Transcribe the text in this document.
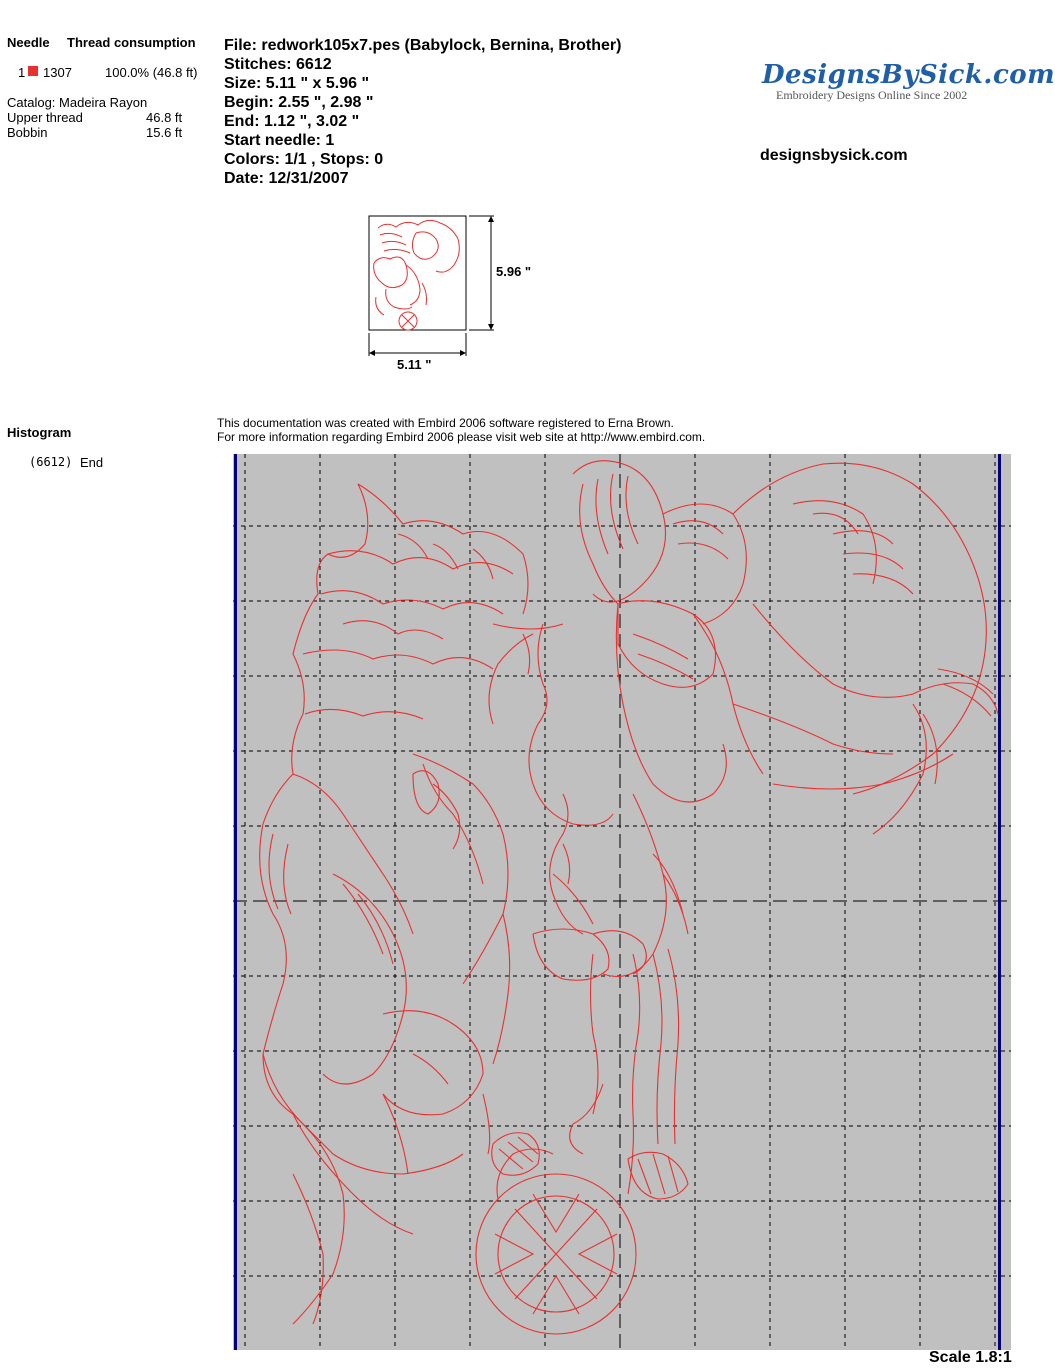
Needle Thread consumption
1 1307	100.0% (46.8 ft)
Catalog: Madeira Rayon
Upper thread	46.8 ft
Bobbin	15.6 ft
Histogram
(6612) End
File: redwork105x7.pes (Babylock, Bernina, Brother)
Stitches: 6612
Size: 5.11 " x 5.96 "
Begin: 2.55 ", 2.98 "
End: 1.12 ", 3.02 "
Start needle: 1
Colors: 1/1 , Stops: 0
Date: 12/31/2007
DesignsBySick.com
Embroidery Designs Online Since 2002
designsbysick.com
5.96 "
5.11 "
This documentation was created with Embird 2006 software registered to Erna Brown.
For more information regarding Embird 2006 please visit web site at http://www.embird.com.
Scale 1.8:1
